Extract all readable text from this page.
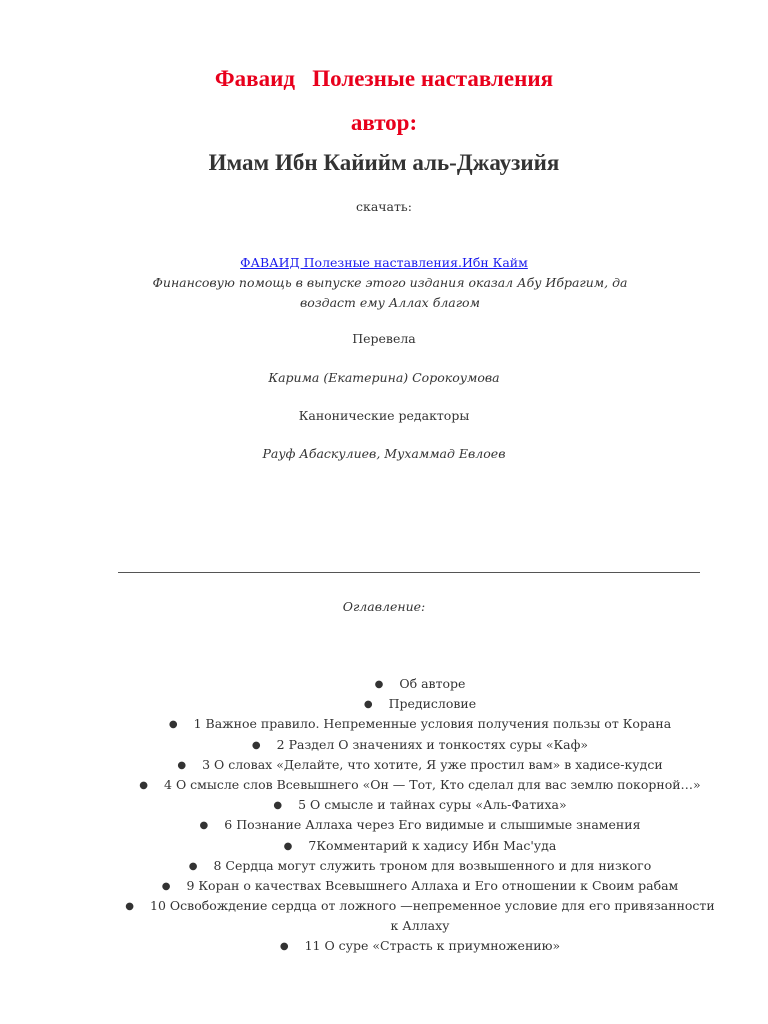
Фаваид   Полезные наставления
автор:
Имам Ибн Кайийм аль-Джаузийя

скачать:

ФАВАИД Полезные наставления.Ибн Кайм

Финансовую помощь в выпуске этого издания оказал Абу Ибрагим, да воздаст ему Аллах благом

Перевела

Карима (Екатерина) Сорокоумова

Канонические редакторы

Рауф Абаскулиев, Мухаммад Евлоев

Оглавление:

● Об авторе
● Предисловие
● 1 Важное правило. Непременные условия получения пользы от Корана
● 2 Раздел О значениях и тонкостях суры «Каф»
● 3 О словах «Делайте, что хотите, Я уже простил вам» в хадисе-кудси
● 4 О смысле слов Всевышнего «Он — Тот, Кто сделал для вас землю покорной…»
● 5 О смысле и тайнах суры «Аль-Фатиха»
● 6 Познание Аллаха через Его видимые и слышимые знамения
● 7Комментарий к хадису Ибн Мас'уда
● 8 Сердца могут служить троном для возвышенного и для низкого
● 9 Коран о качествах Всевышнего Аллаха и Его отношении к Своим рабам
● 10 Освобождение сердца от ложного —непременное условие для его привязанности к Аллаху
● 11 О суре «Страсть к приумножению»
